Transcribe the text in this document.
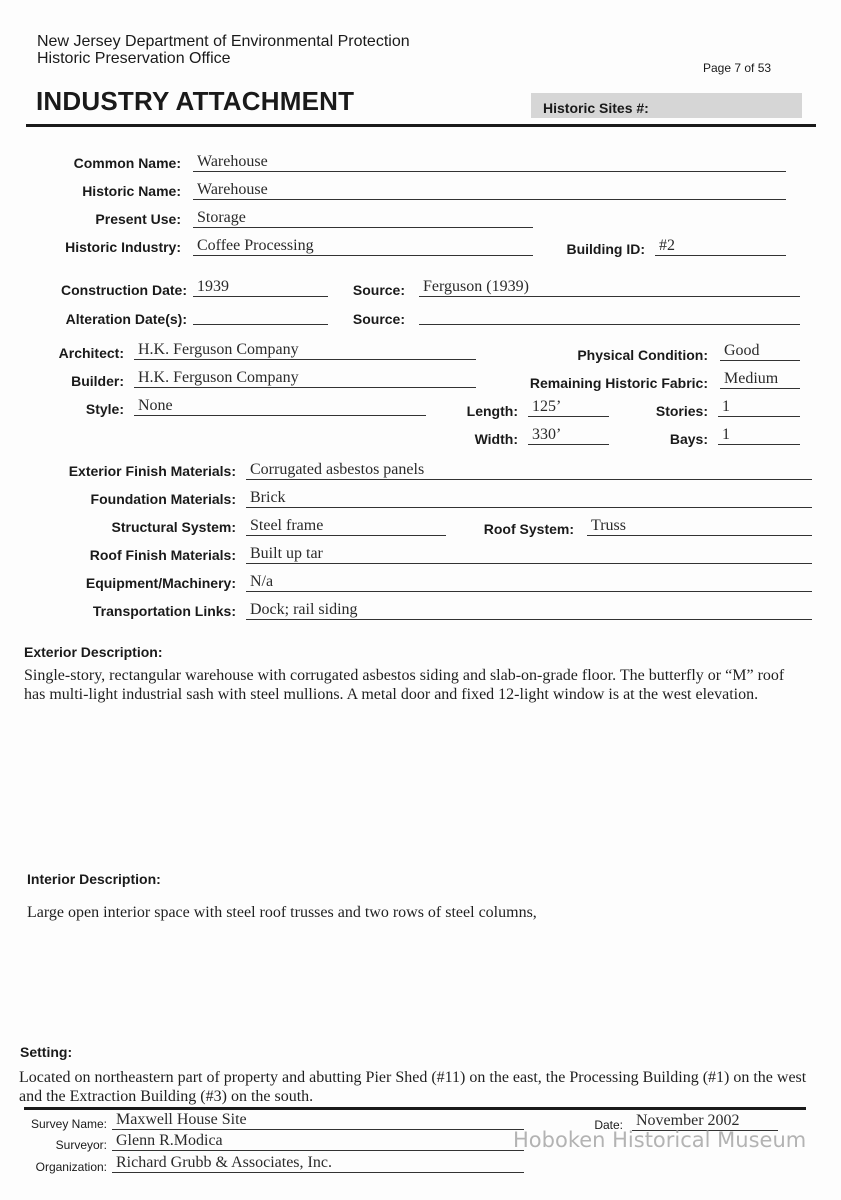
New Jersey Department of Environmental Protection
Historic Preservation Office
Page 7 of 53
INDUSTRY ATTACHMENT	Historic Sites #:
Common Name: Warehouse
Historic Name: Warehouse
Present Use: Storage
Historic Industry: Coffee Processing	Building ID: #2
Construction Date: 1939	Source: Ferguson (1939)
Alteration Date(s):	Source:
Architect: H.K. Ferguson Company	Physical Condition: Good
Builder: H.K. Ferguson Company	Remaining Historic Fabric: Medium
Style: None	Length: 125’	Stories: 1
Width: 330’	Bays: 1
Exterior Finish Materials: Corrugated asbestos panels
Foundation Materials: Brick
Structural System: Steel frame	Roof System: Truss
Roof Finish Materials: Built up tar
Equipment/Machinery: N/a
Transportation Links: Dock; rail siding
Exterior Description:
Single-story, rectangular warehouse with corrugated asbestos siding and slab-on-grade floor. The butterfly or “M” roof has multi-light industrial sash with steel mullions. A metal door and fixed 12-light window is at the west elevation.
Interior Description:
Large open interior space with steel roof trusses and two rows of steel columns,
Setting:
Located on northeastern part of property and abutting Pier Shed (#11) on the east, the Processing Building (#1) on the west and the Extraction Building (#3) on the south.
Survey Name: Maxwell House Site	Date: November 2002
Surveyor: Glenn R.Modica
Organization: Richard Grubb & Associates, Inc.
Hoboken Historical Museum
